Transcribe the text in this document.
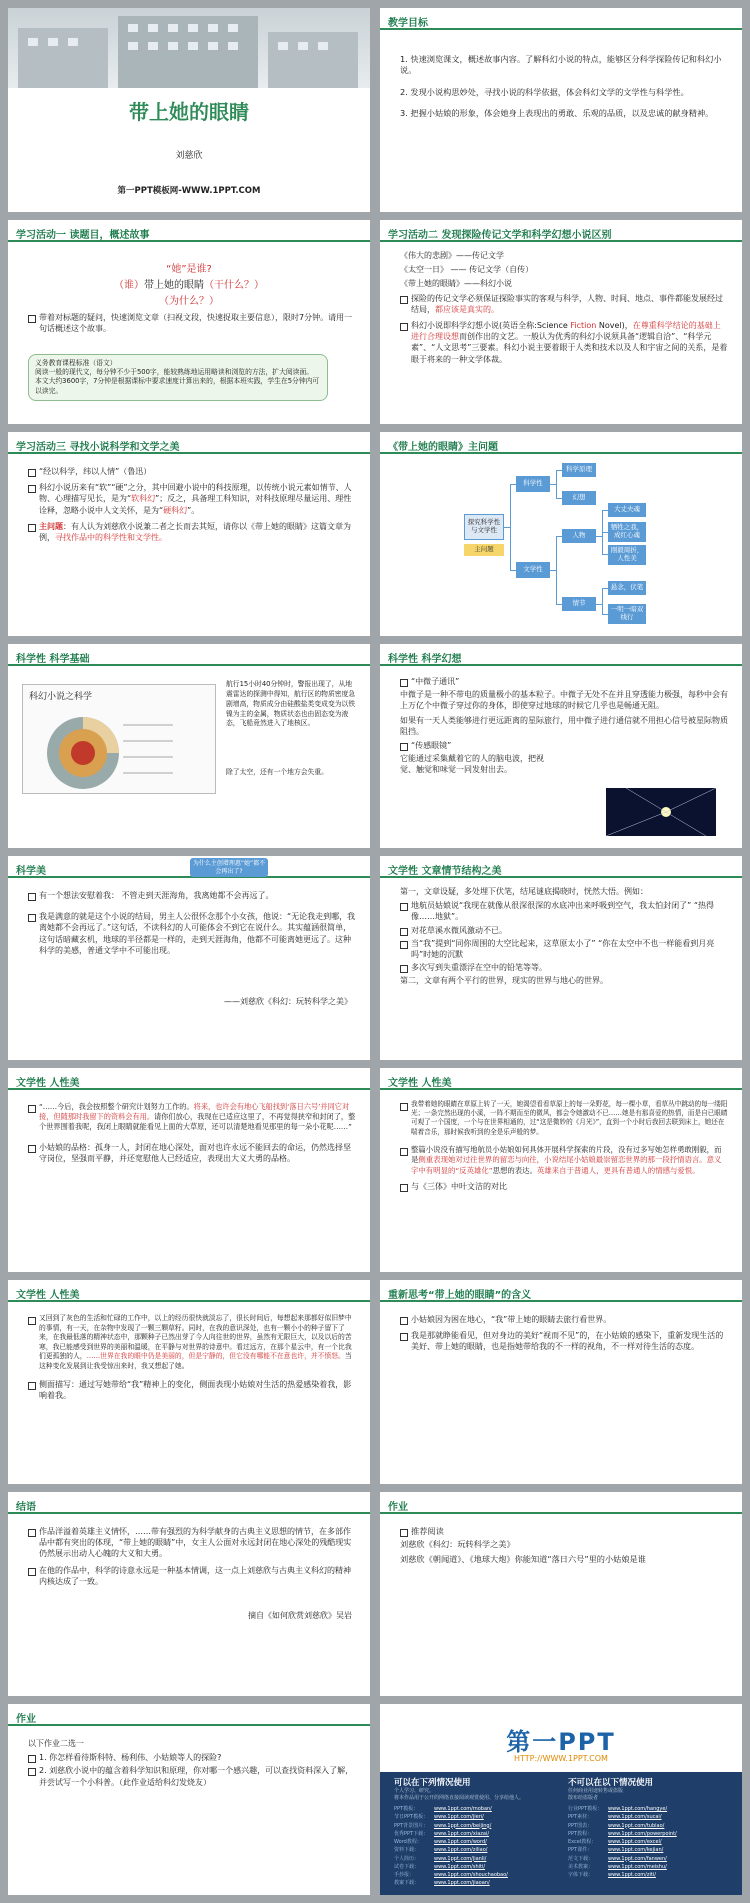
带上她的眼睛
刘慈欣
第一PPT模板网-WWW.1PPT.COM
教学目标

1. 快速浏览课文，概述故事内容。了解科幻小说的特点，能够区分科学探险传记和科幻小说。

2. 发现小说构思妙处，寻找小说的科学依据，体会科幻文学的文学性与科学性。

3. 把握小姑娘的形象，体会她身上表现出的勇敢、乐观的品质，以及忠诚的献身精神。

学习活动一 读题目，概述故事
“她”是谁?
（谁）带上她的眼睛（干什么？）
（为什么？）
带着对标题的疑问，快速浏览文章（扫视文段，快速捉取主要信息），限时7分钟。请用一句话概述这个故事。
义务教育课程标准（语文）
阅读一般的现代文，每分钟不少于500字，能较熟练地运用略读和浏览的方法，扩大阅读面。
本文大约3600字，7分钟是根据课标中要求速度计算出来的，根据本班实践，学生在5分钟内可以读完。
学习活动二 发现探险传记文学和科学幻想小说区别

《伟大的悲剧》——传记文学

《太空一日》 —— 传记文学（自传）

《带上她的眼睛》——科幻小说

探险的传记文学必须保证探险事实的客观与科学，人物、时间、地点、事件都能发展经过结局，都应该是真实的。
科幻小说即科学幻想小说(英语全称:Science Fiction Novel)，在尊重科学结论的基础上进行合理设想而创作出的文艺。一般认为优秀的科幻小说须具备“逻辑自洽”、“科学元素”、“人文思考”三要素。科幻小说主要着眼于人类和技术以及人和宇宙之间的关系，是着眼于将来的一种文学体裁。
学习活动三 寻找小说科学和文学之美
“经以科学，纬以人情”（鲁迅）
科幻小说历来有“软”“硬”之分，其中回避小说中的科技原理，以传统小说元素如情节、人物、心理描写见长，是为“软科幻”；反之，具备理工科知识，对科技原理尽量运用、理性诠释，忽略小说中人文关怀，是为“硬科幻”。
主问题：有人认为刘慈欣小说兼二者之长而去其短，请你以《带上她的眼睛》这篇文章为例，寻找作品中的科学性和文学性。
《带上她的眼睛》主问题
探究科学性与文学性
主问题
科学性
文学性
科学原理
幻想
人物
情节
大丈夫魂
牺牲之我，成红心魂
刚毅周折，人性美
悬念，伏笔
一明一暗双线行
科学性 科学基础
科幻小说之科学
航行15小时40分钟时，警报出现了，从地震雷达的探测中得知，航行区的物质密度急剧增高，物质成分由硅酸盐类变成变为以铁镍为主的金属，物质状态也由固态变为液态，飞船竟然进入了地核区。
除了太空，还有一个地方会失重。
科学性 科学幻想
“中微子通讯”

中微子是一种不带电的质量极小的基本粒子。中微子无处不在并且穿透能力极强，每秒中会有上万亿个中微子穿过你的身体，即使穿过地球的时候它几乎也是畅通无阻。

如果有一天人类能够进行更远距离的星际旅行，用中微子进行通信就不用担心信号被星际物质阻挡。

“传感眼镜”

它能通过采集戴着它的人的脑电波，把视觉、触觉和味觉一同发射出去。

科学美
为什么主创增理惠“她”都不会再出了?
有一个想法安慰着我： 不管走到天涯海角，我离她都不会再远了。
我是满意的就是这个小说的结局，男主人公很怀念那个小女孩，他说：“无论我走到哪，我离她都不会再远了。”这句话，不读科幻的人可能体会不到它在说什么。其实蕴涵很简单，这句话暗藏玄机，地球的半径都是一样的，走到天涯海角，他都不可能离她更远了。这种科学的美感，普通文学中不可能出现。
——刘慈欣《科幻：玩转科学之美》
文学性 文章情节结构之美

第一，文章设疑，多处埋下伏笔，结尾谜底揭晓时，恍然大悟。例如：

地航员姑娘说“我现在就像从很深很深的水底冲出来呼吸到空气，我太怕封闭了” “热得像……地狱”。
对花草溪水微风激动不已。
当“我”提到“同你周围的大空比起来，这草原太小了” “你在太空中不也一样能看到月亮吗”时她的沉默
多次写到失重漂浮在空中的铅笔等等。

第二，文章有两个平行的世界，现实的世界与地心的世界。

文学性 人性美
“……今后，我会按照整个研究计划努力工作的。将来，也许会有地心飞船找到‘落日六号’并同它对接，但随那时我留下的资料会有用。请你们放心，我现在已适应这里了，不再觉得狭窄和封闭了，整个世界围着我呢，我闭上眼睛就能看见上面的大草原，还可以清楚地看见那里的每一朵小花呢……”
小姑娘的品格：孤身一人，封闭在地心深处，面对也许永远不能回去的命运，仍然选择坚守岗位，坚强而平静，并还宽慰他人已经适应，表现出大义大勇的品格。
文学性 人性美
我带着她的眼睛在草原上转了一天，她渴望看看草原上的每一朵野花，每一棵小草，看草丛中跳动的每一缕阳光；一条完然出现的小溪，一阵不期而至的微风，都会令她激动不已……她是有那喜爱的热情，而是自已眼睛可观了一个国度，一个与在世界相通的，过“这是微妙的《月光》”，直到一个小时后我回去联到床上，她还在喘着音乐，那时候我听到的全是乐声般的梦。
整篇小说没有描写地航员小姑娘如何具体开展科学探索的片段，没有过多写她怎样勇敢刚毅，而是侧重表现她对过往世界的留恋与向往，小说结尾小姑娘最崇留恋世界的那一段抒情语言。意义字中有明显的“反英雄化”思想的表达。英雄来自于普通人，更具有普通人的情感与爱恨。
与《三体》中叶文洁的对比
文学性 人性美
又回到了灰色的生活和忙碌的工作中，以上的经历很快就淡忘了，很长时间后，每想起来那都好似旧梦中的事情，有一天，在杂物中发现了一颗三颗草籽。同时，在我的意识深处，也有一颗小小的种子留下了来，在我最低落的精神状态中，那颗种子已然出芽了今人向往世的世界，虽然有无限巨大，以及以后的苦寒，我已能感受到世界的美丽和温暖，在平静与对世界的诗意中。看过远方，在那个星云中，有一个比我们更孤独的人，……世界在我的眼中仍是美丽的，但是宁静的，但它没有哪能不在意也许，并不愤怒。当这种变化发展到让我受惊出来时，我又想起了她。
侧面描写：通过写她带给“我”精神上的变化，侧面表现小姑娘对生活的热爱感染着我，影响着我。
重新思考“带上她的眼睛”的含义
小姑娘因为困在地心，“我”带上她的眼睛去旅行看世界。
我是那就睁能看见，但对身边的美好“视而不见”的，在小姑娘的感染下，重新发现生活的美好、带上她的眼睛，也是指她带给我的不一样的视角，不一样对待生活的态度。
结语
作品洋溢着英雄主义情怀，……带有强烈的为科学献身的古典主义思想的情节，在多部作品中都有突出的体现，“带上她的眼睛”中，女主人公面对永远封闭在地心深处的残酷现实仍然展示出动人心魄的大义和大勇。
在他的作品中，科学的诗意永远是一种基本情调，这一点上刘慈欣与古典主义科幻的精神内核达成了一致。
摘自《如何欣赏刘慈欣》吴岩
作业
推荐阅读

刘慈欣《科幻：玩转科学之美》

刘慈欣《朝闻道》、《地球大炮》你能知道“落日六号”里的小姑娘是谁

作业

以下作业二选一

1. 你怎样看待斯科特、杨利伟、小姑娘等人的探险?
2. 刘慈欣小说中的蕴含着科学知识和原理，你对哪一个感兴趣，可以查找资料深入了解，并尝试写一个小科普。（此作业适给科幻发烧友）
第一PPT
HTTP://WWW.1PPT.COM
可以在下列情况使用
个人学习、研究。
将本作品用于公开的网络直接阅读观赏使用、分享给他人。
PPT模板：	www.1ppt.com/moban/
节日PPT模板：	www.1ppt.com/jieri/
PPT背景图片：	www.1ppt.com/beijing/
优秀PPT下载：	www.1ppt.com/xiazai/
Word教程：	www.1ppt.com/word/
资料下载：	www.1ppt.com/ziliao/
个人简历：	www.1ppt.com/jianli/
试卷下载：	www.1ppt.com/shiti/
手抄报：	www.1ppt.com/shouchaobao/
教案下载：	www.1ppt.com/jiaoan/
不可以在以下情况使用
任何商业用途转售或盗版
散布给盗版者
行业PPT模板：	www.1ppt.com/hangye/
PPT素材：	www.1ppt.com/sucai/
PPT图表：	www.1ppt.com/tubiao/
PPT教程：	www.1ppt.com/powerpoint/
Excel教程：	www.1ppt.com/excel/
PPT课件：	www.1ppt.com/kejian/
范文下载：	www.1ppt.com/fanwen/
美术教案：	www.1ppt.com/meishu/
字体下载：	www.1ppt.com/ziti/
